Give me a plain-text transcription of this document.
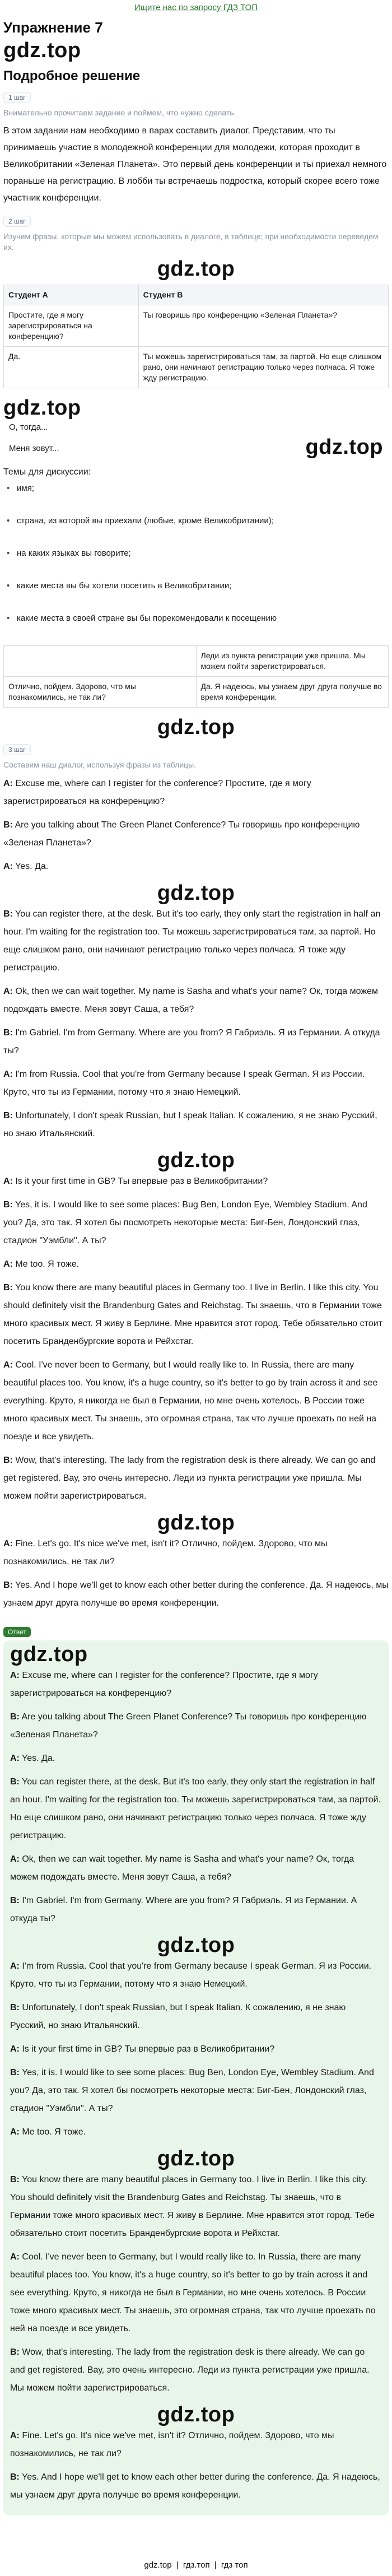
Ищите нас по запросу ГДЗ ТОП
Упражнение 7
gdz.top
Подробное решение
1 шаг
Внимательно прочитаем задание и поймем, что нужно сделать.

В этом задании нам необходимо в парах составить диалог. Представим, что ты принимаешь участие в молодежной конференции для молодежи, которая проходит в Великобритании «Зеленая Планета». Это первый день конференции и ты приехал немного пораньше на регистрацию. В лобби ты встречаешь подростка, который скорее всего тоже участник конференции.

2 шаг
Изучим фразы, которые мы можем использовать в диалоге, в таблице; при необходимости переведем их.
gdz.top
Студент А	Студент В
Простите, где я могу зарегистрироваться на конференцию?	Ты говоришь про конференцию «Зеленая Планета»?
Да.	Ты можешь зарегистрироваться там, за партой. Но еще слишком рано, они начинают регистрацию только через полчаса. Я тоже жду регистрацию.
gdz.top
О, тогда...
Меня зовут...	gdz.top
Темы для дискуссии:
• имя;
• страна, из которой вы приехали (любые, кроме Великобритании);
• на каких языках вы говорите;
• какие места вы бы хотели посетить в Великобритании;
• какие места в своей стране вы бы порекомендовали к посещению
	Леди из пункта регистрации уже пришла. Мы можем пойти зарегистрироваться.
Отлично, пойдем. Здорово, что мы познакомились, не так ли?	Да. Я надеюсь, мы узнаем друг друга получше во время конференции.
gdz.top
3 шаг
Составим наш диалог, используя фразы из таблицы.

A: Excuse me, where can I register for the conference? Простите, где я могу зарегистрироваться на конференцию?

B: Are you talking about The Green Planet Conference? Ты говоришь про конференцию «Зеленая Планета»?

A: Yes. Да.

gdz.top

B: You can register there, at the desk. But it's too early, they only start the registration in half an hour. I'm waiting for the registration too. Ты можешь зарегистрироваться там, за партой. Но еще слишком рано, они начинают регистрацию только через полчаса. Я тоже жду регистрацию.

A: Ok, then we can wait together. My name is Sasha and what's your name? Ок, тогда можем подождать вместе. Меня зовут Саша, а тебя?

B: I'm Gabriel. I'm from Germany. Where are you from? Я Габриэль. Я из Германии. А откуда ты?

A: I'm from Russia. Cool that you're from Germany because I speak German. Я из России. Круто, что ты из Германии, потому что я знаю Немецкий.

B: Unfortunately, I don't speak Russian, but I speak Italian. К сожалению, я не знаю Русский, но знаю Итальянский.

gdz.top

A: Is it your first time in GB? Ты впервые раз в Великобритании?

B: Yes, it is. I would like to see some places: Bug Ben, London Eye, Wembley Stadium. And you? Да, это так. Я хотел бы посмотреть некоторые места: Биг-Бен, Лондонский глаз, стадион "Уэмбли". А ты?

A: Me too. Я тоже.

B: You know there are many beautiful places in Germany too. I live in Berlin. I like this city. You should definitely visit the Brandenburg Gates and Reichstag. Ты знаешь, что в Германии тоже много красивых мест. Я живу в Берлине. Мне нравится этот город. Тебе обязательно стоит посетить Бранденбургские ворота и Рейхстаг.

A: Cool. I've never been to Germany, but I would really like to. In Russia, there are many beautiful places too. You know, it's a huge country, so it's better to go by train across it and see everything. Круто, я никогда не был в Германии, но мне очень хотелось. В России тоже много красивых мест. Ты знаешь, это огромная страна, так что лучше проехать по ней на поезде и все увидеть.

B: Wow, that's interesting. The lady from the registration desk is there already. We can go and get registered. Вау, это очень интересно. Леди из пункта регистрации уже пришла. Мы можем пойти зарегистрироваться.

gdz.top

A: Fine. Let's go. It's nice we've met, isn't it? Отлично, пойдем. Здорово, что мы познакомились, не так ли?

B: Yes. And I hope we'll get to know each other better during the conference. Да. Я надеюсь, мы узнаем друг друга получше во время конференции.

Ответ
gdz.top

A: Excuse me, where can I register for the conference? Простите, где я могу зарегистрироваться на конференцию?

B: Are you talking about The Green Planet Conference? Ты говоришь про конференцию «Зеленая Планета»?

A: Yes. Да.

B: You can register there, at the desk. But it's too early, they only start the registration in half an hour. I'm waiting for the registration too. Ты можешь зарегистрироваться там, за партой. Но еще слишком рано, они начинают регистрацию только через полчаса. Я тоже жду регистрацию.

A: Ok, then we can wait together. My name is Sasha and what's your name? Ок, тогда можем подождать вместе. Меня зовут Саша, а тебя?

B: I'm Gabriel. I'm from Germany. Where are you from? Я Габриэль. Я из Германии. А откуда ты?

gdz.top

A: I'm from Russia. Cool that you're from Germany because I speak German. Я из России. Круто, что ты из Германии, потому что я знаю Немецкий.

B: Unfortunately, I don't speak Russian, but I speak Italian. К сожалению, я не знаю Русский, но знаю Итальянский.

A: Is it your first time in GB? Ты впервые раз в Великобритании?

B: Yes, it is. I would like to see some places: Bug Ben, London Eye, Wembley Stadium. And you? Да, это так. Я хотел бы посмотреть некоторые места: Биг-Бен, Лондонский глаз, стадион "Уэмбли". А ты?

A: Me too. Я тоже.

gdz.top

B: You know there are many beautiful places in Germany too. I live in Berlin. I like this city. You should definitely visit the Brandenburg Gates and Reichstag. Ты знаешь, что в Германии тоже много красивых мест. Я живу в Берлине. Мне нравится этот город. Тебе обязательно стоит посетить Бранденбургские ворота и Рейхстаг.

A: Cool. I've never been to Germany, but I would really like to. In Russia, there are many beautiful places too. You know, it's a huge country, so it's better to go by train across it and see everything. Круто, я никогда не был в Германии, но мне очень хотелось. В России тоже много красивых мест. Ты знаешь, это огромная страна, так что лучше проехать по ней на поезде и все увидеть.

B: Wow, that's interesting. The lady from the registration desk is there already. We can go and get registered. Вау, это очень интересно. Леди из пункта регистрации уже пришла. Мы можем пойти зарегистрироваться.

gdz.top

A: Fine. Let's go. It's nice we've met, isn't it? Отлично, пойдем. Здорово, что мы познакомились, не так ли?

B: Yes. And I hope we'll get to know each other better during the conference. Да. Я надеюсь, мы узнаем друг друга получше во время конференции.

gdz.top | гдз.топ | гдз топ
